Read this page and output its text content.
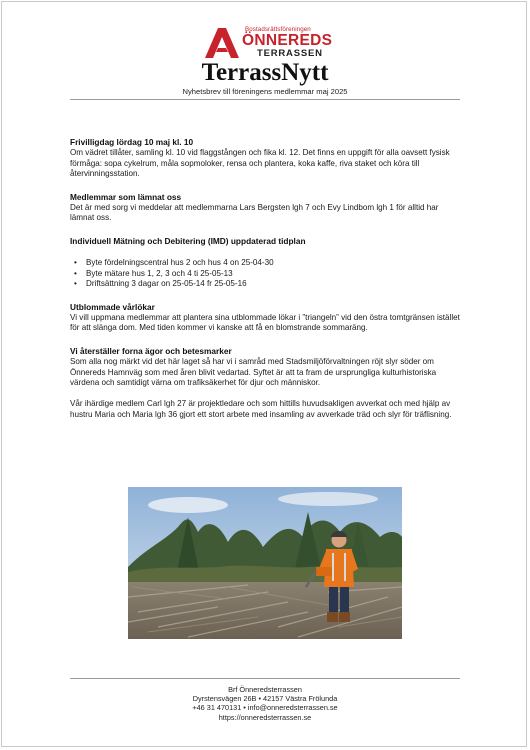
Bostadsrättsföreningen
ÖNNEREDS
TERRASSEN
TerrassNytt
Nyhetsbrev till föreningens medlemmar maj 2025
Frivilligdag lördag 10 maj kl. 10

Om vädret tillåter, samling kl. 10 vid flaggstången och fika kl. 12. Det finns en uppgift för alla oavsett fysisk förmåga: sopa cykelrum, måla sopmoloker, rensa och plantera, koka kaffe, riva staket och köra till återvinningsstation.

Medlemmar som lämnat oss

Det är med sorg vi meddelar att medlemmarna Lars Bergsten lgh 7 och Evy Lindbom lgh 1 för alltid har lämnat oss.

Individuell Mätning och Debitering (IMD) uppdaterad tidplan
• Byte fördelningscentral hus 2 och hus 4 on 25-04-30
• Byte mätare hus 1, 2, 3 och 4 ti 25-05-13
• Driftsättning 3 dagar on 25-05-14 fr 25-05-16
Utblommade vårlökar

Vi vill uppmana medlemmar att plantera sina utblommade lökar i ”triangeln” vid den östra tomtgränsen istället för att slänga dom. Med tiden kommer vi kanske att få en blomstrande sommaräng.

Vi återställer forna ägor och betesmarker

Som alla nog märkt vid det här laget så har vi i samråd med Stadsmiljöförvaltningen röjt slyr söder om Önnereds Hamnväg som med åren blivit vedartad. Syftet är att ta fram de ursprungliga kulturhistoriska värdena och samtidigt värna om trafiksäkerhet för djur och människor.

Vår ihärdige medlem Carl lgh 27 är projektledare och som hittills huvudsakligen avverkat och med hjälp av hustru Maria och Maria lgh 36 gjort ett stort arbete med insamling av avverkade träd och slyr för träflisning.

Brf Önneredsterrassen
Dyrstensvägen 26B • 42157 Västra Frölunda
+46 31 470131 • info@onneredsterrassen.se
https://onneredsterrassen.se
